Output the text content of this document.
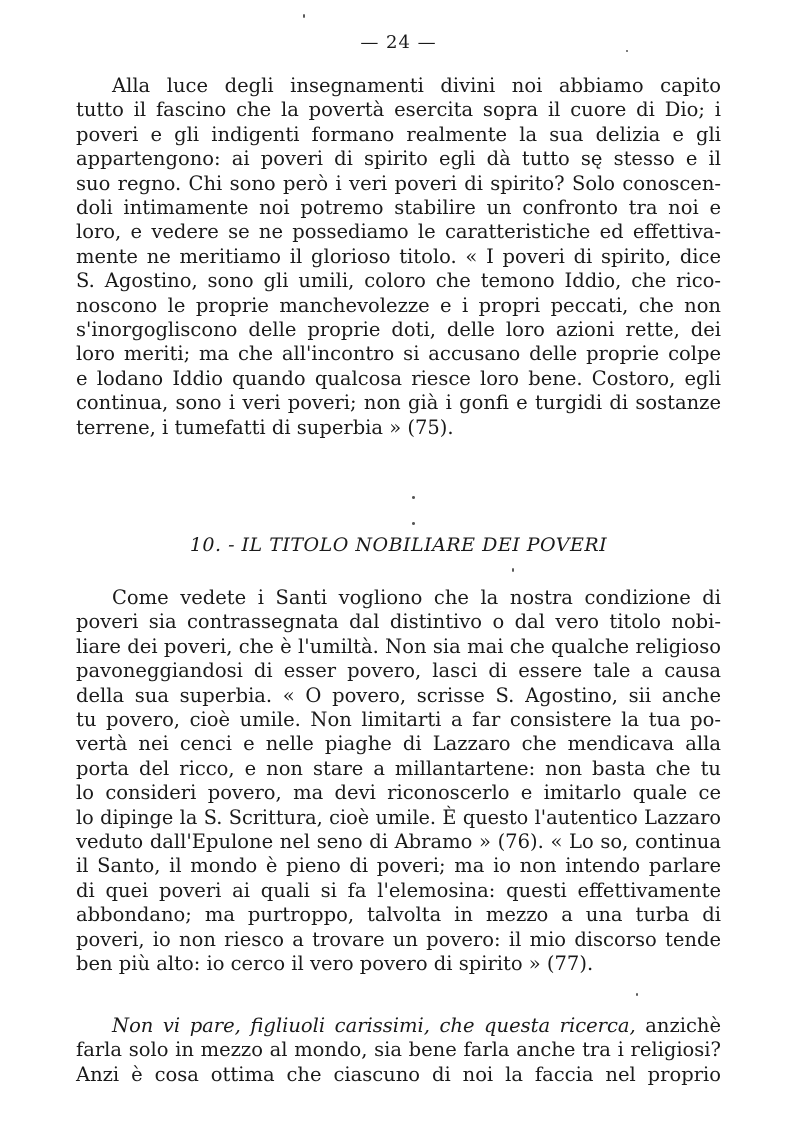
— 24 —
Alla luce degli insegnamenti divini noi abbiamo capito
tutto il fascino che la povertà esercita sopra il cuore di Dio; i
poveri e gli indigenti formano realmente la sua delizia e gli
appartengono: ai poveri di spirito egli dà tutto sę stesso e il
suo regno. Chi sono però i veri poveri di spirito? Solo conoscen-
doli intimamente noi potremo stabilire un confronto tra noi e
loro, e vedere se ne possediamo le caratteristiche ed effettiva-
mente ne meritiamo il glorioso titolo. « I poveri di spirito, dice
S. Agostino, sono gli umili, coloro che temono Iddio, che rico-
noscono le proprie manchevolezze e i propri peccati, che non
s'inorgogliscono delle proprie doti, delle loro azioni rette, dei
loro meriti; ma che all'incontro si accusano delle proprie colpe
e lodano Iddio quando qualcosa riesce loro bene. Costoro, egli
continua, sono i veri poveri; non già i gonfi e turgidi di sostanze
terrene, i tumefatti di superbia » (75).
10. - IL TITOLO NOBILIARE DEI POVERI
Come vedete i Santi vogliono che la nostra condizione di
poveri sia contrassegnata dal distintivo o dal vero titolo nobi-
liare dei poveri, che è l'umiltà. Non sia mai che qualche religioso
pavoneggiandosi di esser povero, lasci di essere tale a causa
della sua superbia. « O povero, scrisse S. Agostino, sii anche
tu povero, cioè umile. Non limitarti a far consistere la tua po-
vertà nei cenci e nelle piaghe di Lazzaro che mendicava alla
porta del ricco, e non stare a millantartene: non basta che tu
lo consideri povero, ma devi riconoscerlo e imitarlo quale ce
lo dipinge la S. Scrittura, cioè umile. È questo l'autentico Lazzaro
veduto dall'Epulone nel seno di Abramo » (76). « Lo so, continua
il Santo, il mondo è pieno di poveri; ma io non intendo parlare
di quei poveri ai quali si fa l'elemosina: questi effettivamente
abbondano; ma purtroppo, talvolta in mezzo a una turba di
poveri, io non riesco a trovare un povero: il mio discorso tende
ben più alto: io cerco il vero povero di spirito » (77).
Non vi pare, figliuoli carissimi, che questa ricerca, anzichè
farla solo in mezzo al mondo, sia bene farla anche tra i religiosi?
Anzi è cosa ottima che ciascuno di noi la faccia nel proprio
